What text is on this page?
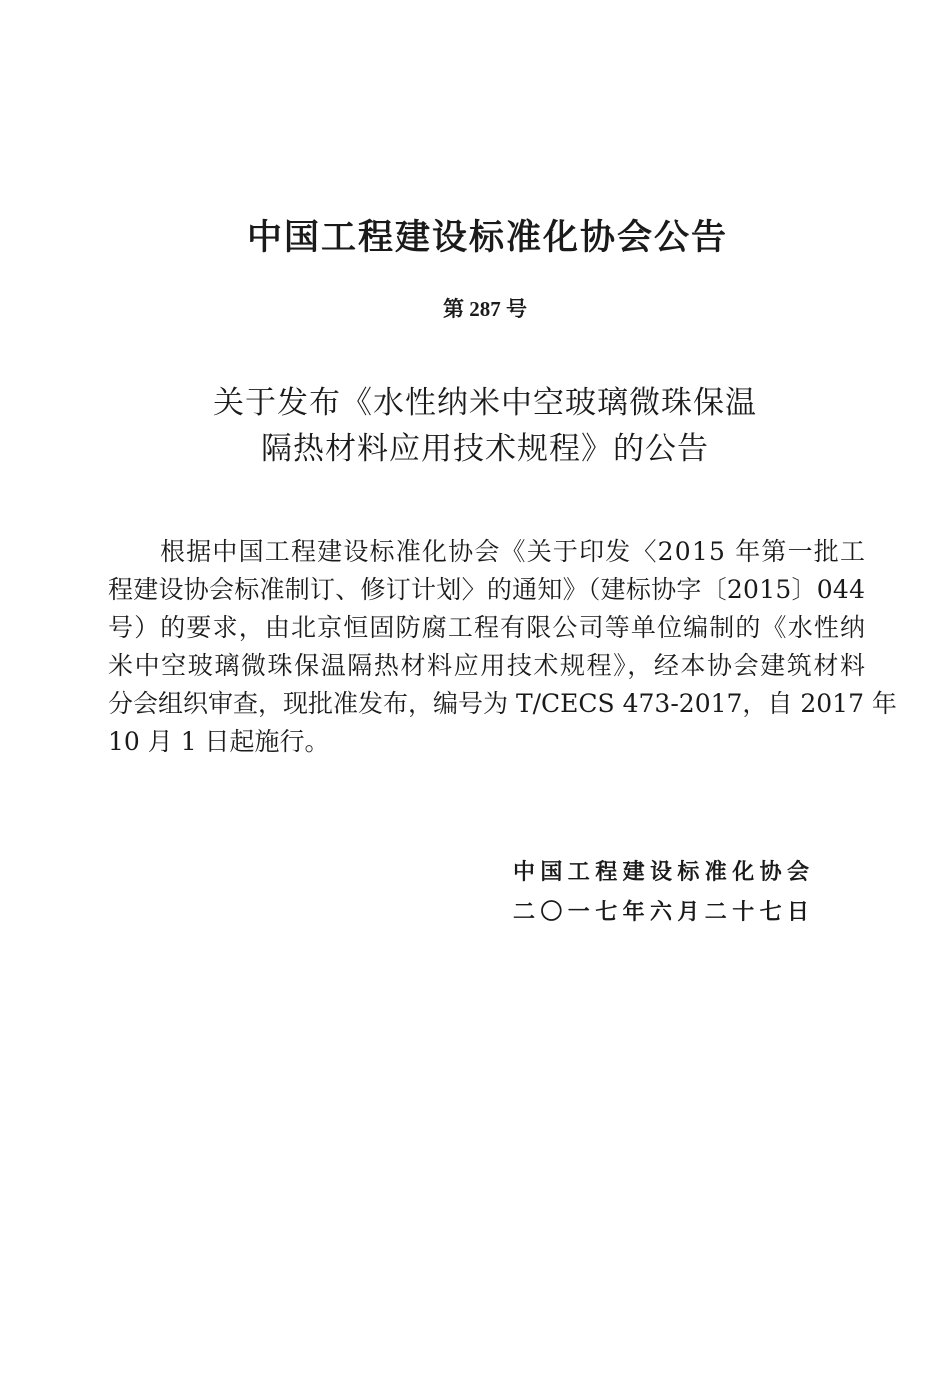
中国工程建设标准化协会公告
第 287 号
关于发布《水性纳米中空玻璃微珠保温
隔热材料应用技术规程》的公告
根据中国工程建设标准化协会《关于印发〈2015 年第一批工
程建设协会标准制订、修订计划〉的通知》（建标协字〔2015〕044
号）的要求，由北京恒固防腐工程有限公司等单位编制的《水性纳
米中空玻璃微珠保温隔热材料应用技术规程》，经本协会建筑材料
分会组织审查，现批准发布，编号为 T/CECS 473-2017，自 2017 年
10 月 1 日起施行。
中国工程建设标准化协会
二〇一七年六月二十七日
